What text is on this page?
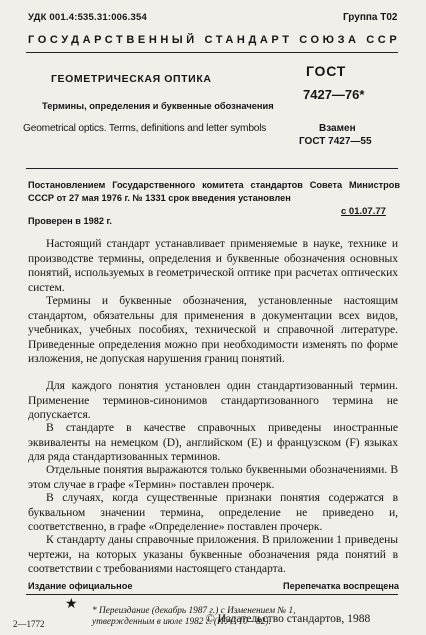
УДК 001.4:535.31:006.354	Группа Т02
ГОСУДАРСТВЕННЫЙ СТАНДАРТ СОЮЗА ССР
ГЕОМЕТРИЧЕСКАЯ ОПТИКА
Термины, определения и буквенные обозначения
Geometrical optics. Terms, definitions and letter symbols
ГОСТ
7427—76*
Взамен
ГОСТ 7427—55
Постановлением Государственного комитета стандартов Совета Министров СССР от 27 мая 1976 г. № 1331 срок введения установлен
с 01.07.77
Проверен в 1982 г.
Настоящий стандарт устанавливает применяемые в науке, технике и производстве термины, определения и буквенные обозначения основных понятий, используемых в геометрической оптике при расчетах оптических систем.
Термины и буквенные обозначения, установленные настоящим стандартом, обязательны для применения в документации всех видов, учебниках, учебных пособиях, технической и справочной литературе. Приведенные определения можно при необходимости изменять по форме изложения, не допуская нарушения границ понятий.
Для каждого понятия установлен один стандартизованный термин. Применение терминов-синонимов стандартизованного термина не допускается.
В стандарте в качестве справочных приведены иностранные эквиваленты на немецком (D), английском (E) и французском (F) языках для ряда стандартизованных терминов.
Отдельные понятия выражаются только буквенными обозначениями. В этом случае в графе «Термин» поставлен прочерк.
В случаях, когда существенные признаки понятия содержатся в буквальном значении термина, определение не приведено и, соответственно, в графе «Определение» поставлен прочерк.
К стандарту даны справочные приложения. В приложении 1 приведены чертежи, на которых указаны буквенные обозначения ряда понятий в соответствии с требованиями настоящего стандарта.
Издание официальное	Перепечатка воспрещена
★ * Переиздание (декабрь 1987 г.) с Изменением № 1, утвержденным в июле 1982 г. (ИУС 10—82).
© Издательство стандартов, 1988
2—1772
